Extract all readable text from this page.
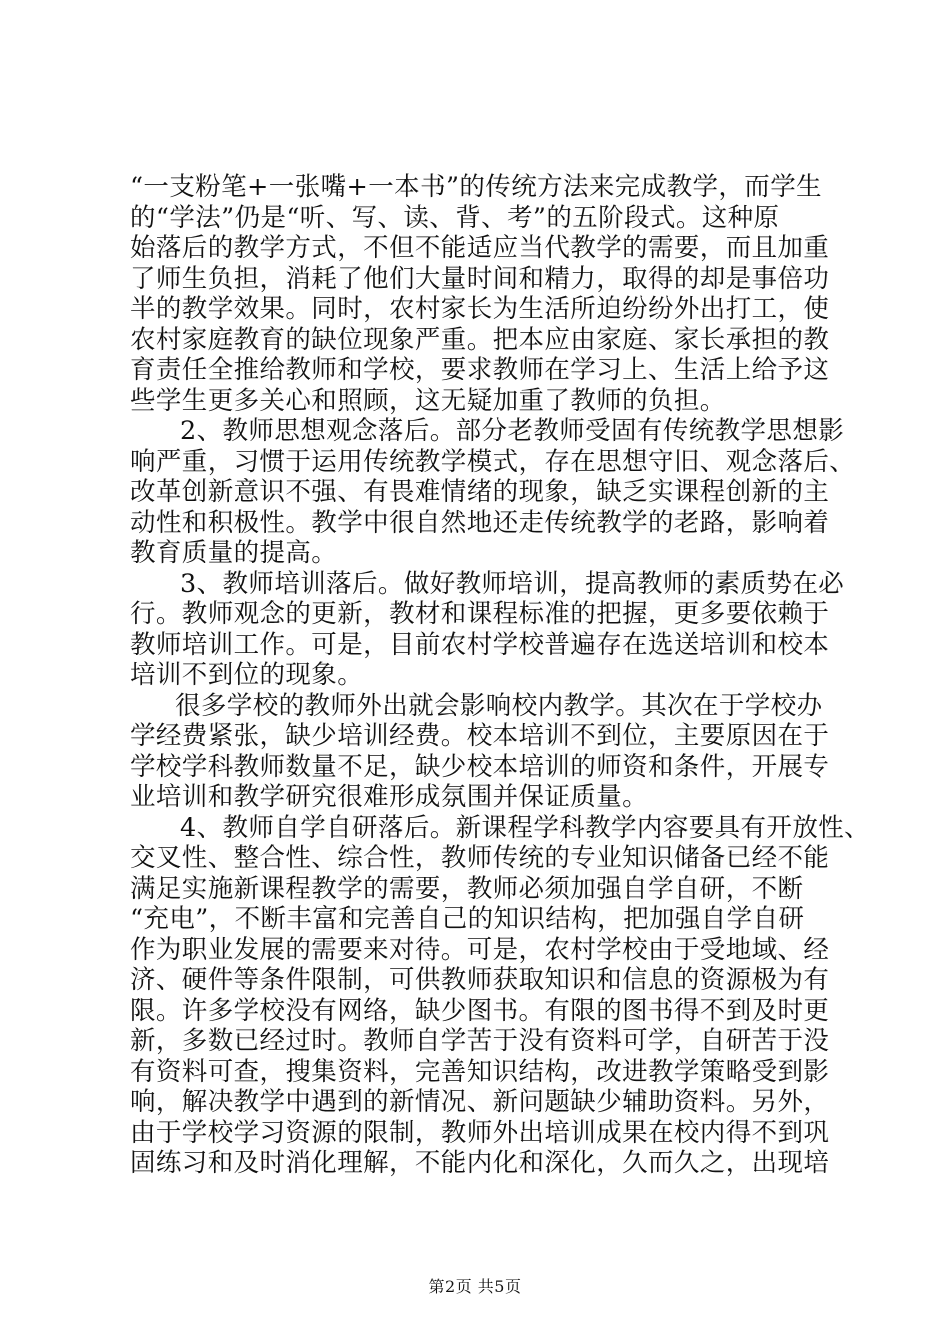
“一支粉笔+一张嘴+一本书”的传统方法来完成教学，而学生
的“学法”仍是“听、写、读、背、考”的五阶段式。这种原
始落后的教学方式，不但不能适应当代教学的需要，而且加重
了师生负担，消耗了他们大量时间和精力，取得的却是事倍功
半的教学效果。同时，农村家长为生活所迫纷纷外出打工，使
农村家庭教育的缺位现象严重。把本应由家庭、家长承担的教
育责任全推给教师和学校，要求教师在学习上、生活上给予这
些学生更多关心和照顾，这无疑加重了教师的负担。
2、教师思想观念落后。部分老教师受固有传统教学思想影
响严重，习惯于运用传统教学模式，存在思想守旧、观念落后、
改革创新意识不强、有畏难情绪的现象，缺乏实课程创新的主
动性和积极性。教学中很自然地还走传统教学的老路，影响着
教育质量的提高。
3、教师培训落后。做好教师培训，提高教师的素质势在必
行。教师观念的更新，教材和课程标准的把握，更多要依赖于
教师培训工作。可是，目前农村学校普遍存在选送培训和校本
培训不到位的现象。
很多学校的教师外出就会影响校内教学。其次在于学校办
学经费紧张，缺少培训经费。校本培训不到位，主要原因在于
学校学科教师数量不足，缺少校本培训的师资和条件，开展专
业培训和教学研究很难形成氛围并保证质量。
4、教师自学自研落后。新课程学科教学内容要具有开放性、
交叉性、整合性、综合性，教师传统的专业知识储备已经不能
满足实施新课程教学的需要，教师必须加强自学自研，不断
“充电”，不断丰富和完善自己的知识结构，把加强自学自研
作为职业发展的需要来对待。可是，农村学校由于受地域、经
济、硬件等条件限制，可供教师获取知识和信息的资源极为有
限。许多学校没有网络，缺少图书。有限的图书得不到及时更
新，多数已经过时。教师自学苦于没有资料可学，自研苦于没
有资料可查，搜集资料，完善知识结构，改进教学策略受到影
响，解决教学中遇到的新情况、新问题缺少辅助资料。另外，
由于学校学习资源的限制，教师外出培训成果在校内得不到巩
固练习和及时消化理解，不能内化和深化，久而久之，出现培
第2页 共5页
